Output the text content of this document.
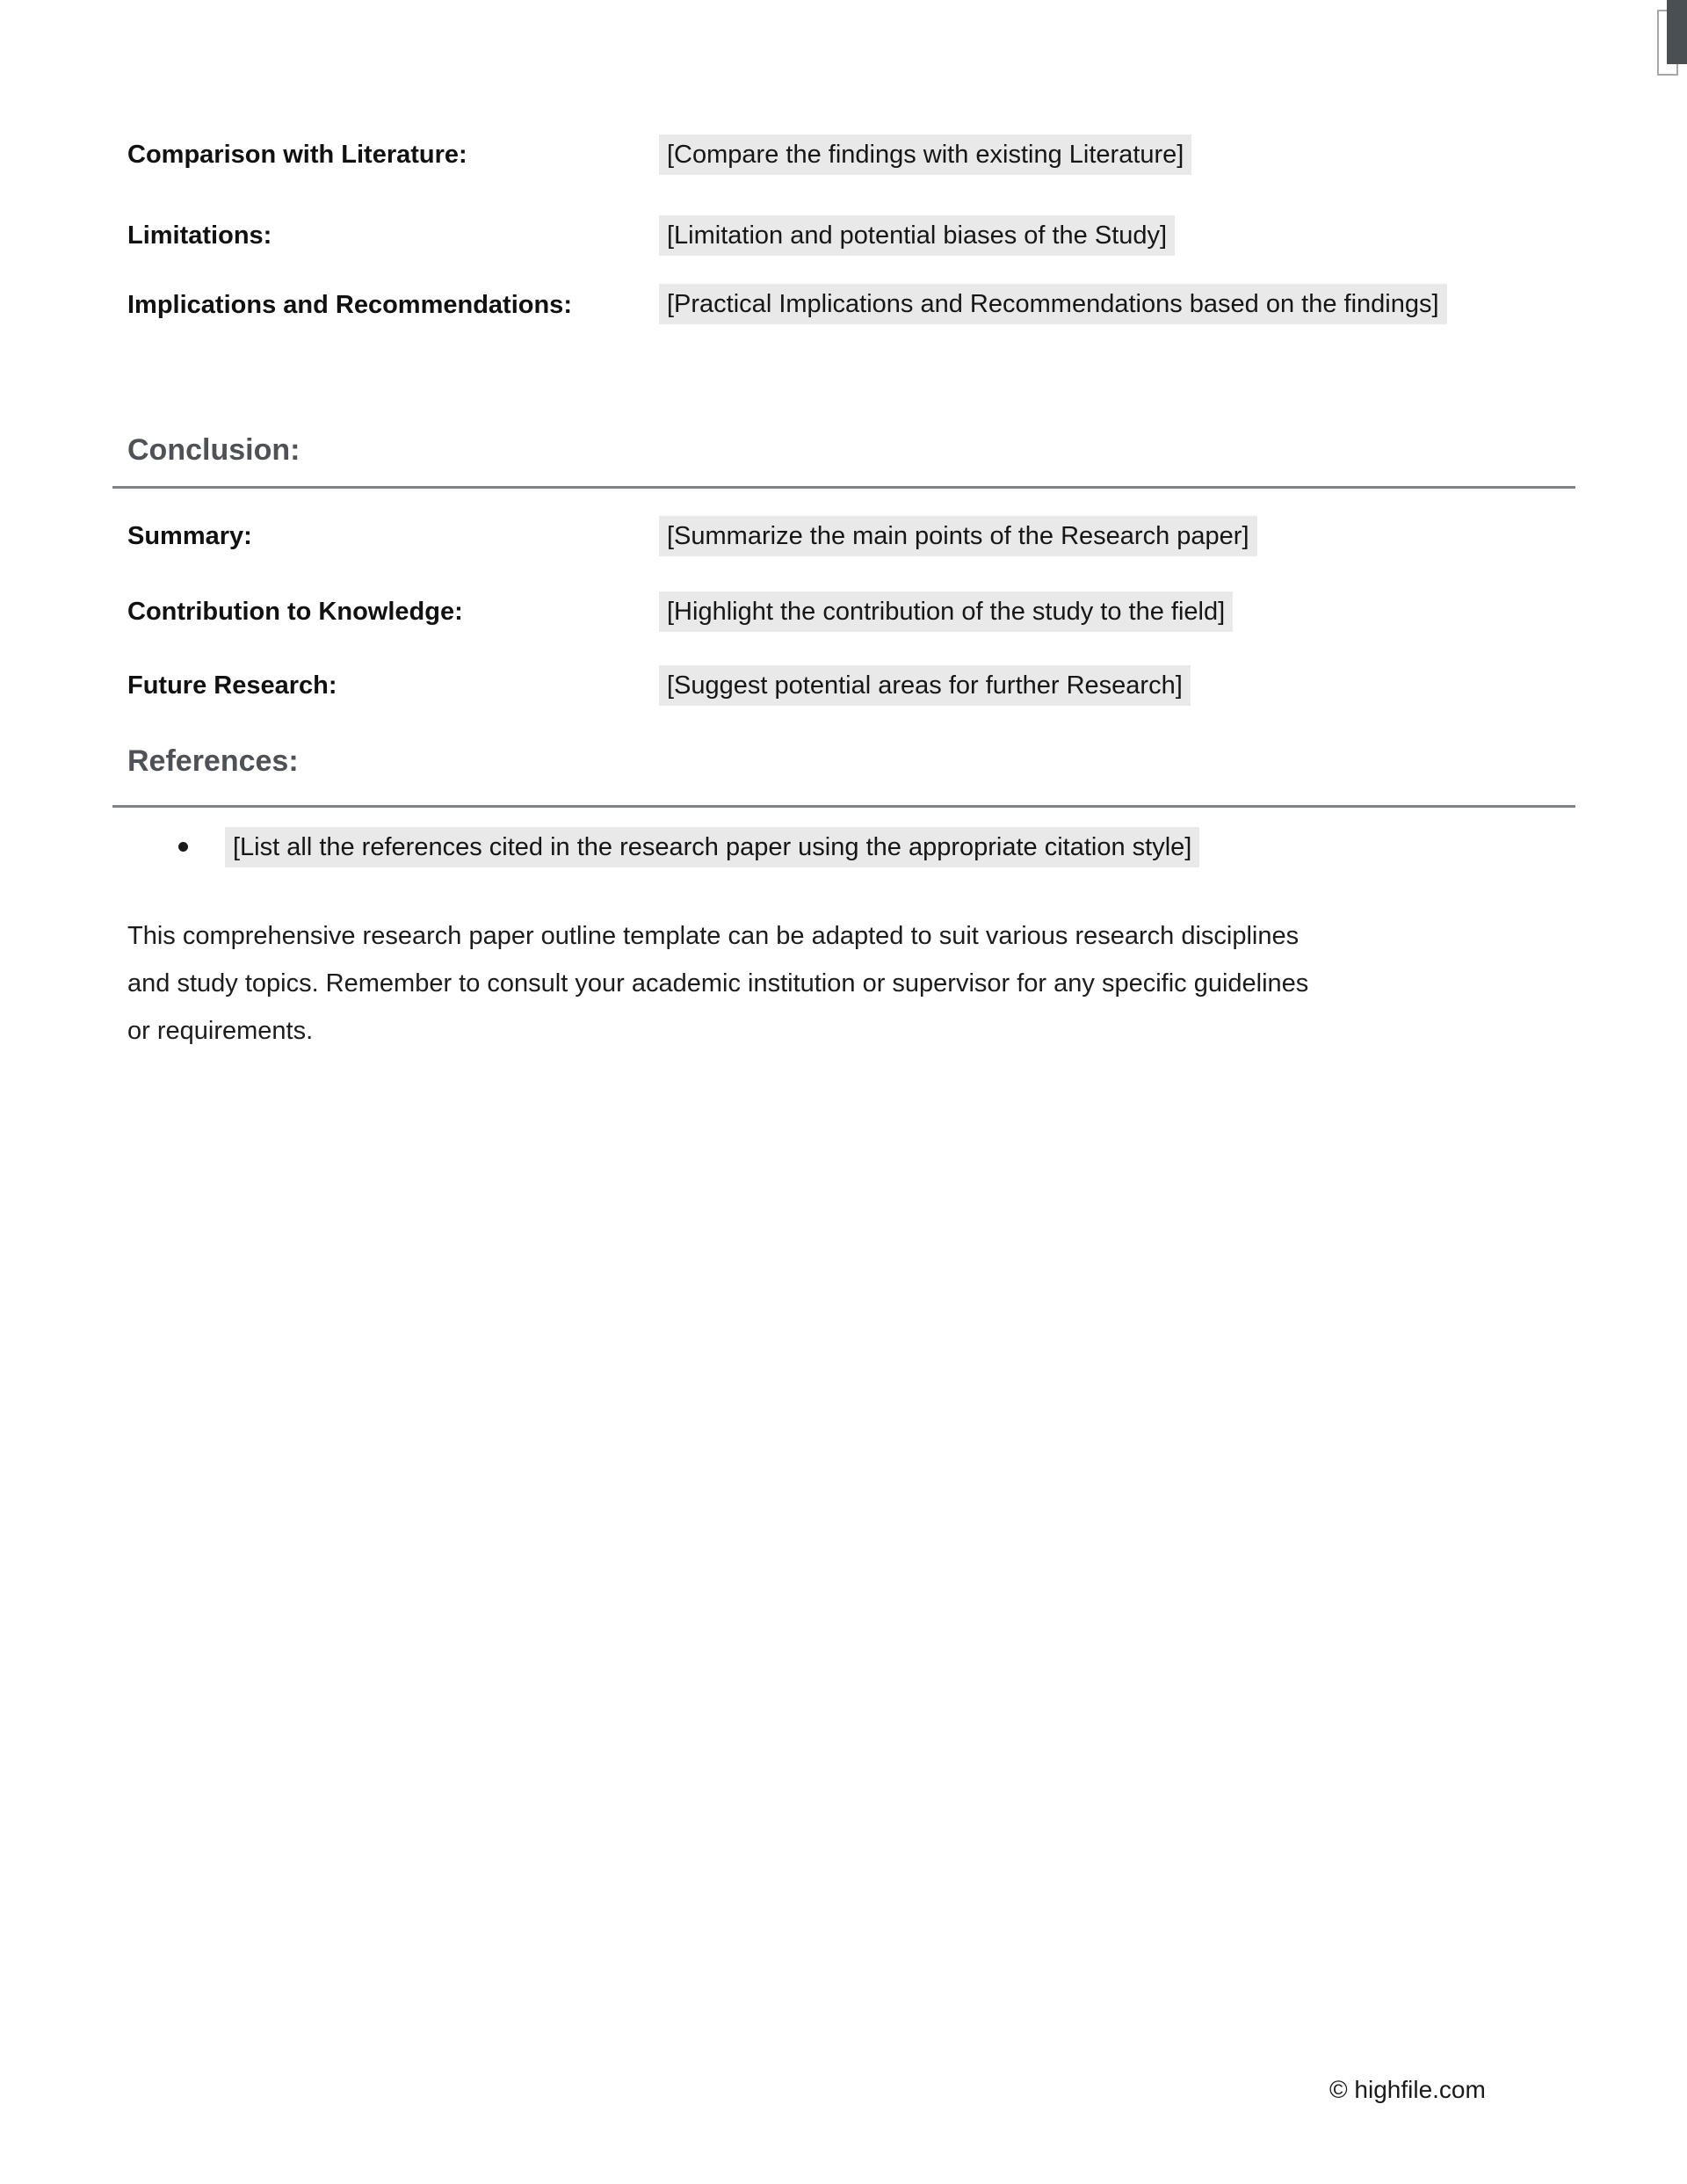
Comparison with Literature:	[Compare the findings with existing Literature]
Limitations:	[Limitation and potential biases of the Study]
Implications and Recommendations:	[Practical Implications and Recommendations based on the findings]
Conclusion:
Summary:	[Summarize the main points of the Research paper]
Contribution to Knowledge:	[Highlight the contribution of the study to the field]
Future Research:	[Suggest potential areas for further Research]
References:
[List all the references cited in the research paper using the appropriate citation style]
This comprehensive research paper outline template can be adapted to suit various research disciplines
and study topics. Remember to consult your academic institution or supervisor for any specific guidelines
or requirements.
© highfile.com
